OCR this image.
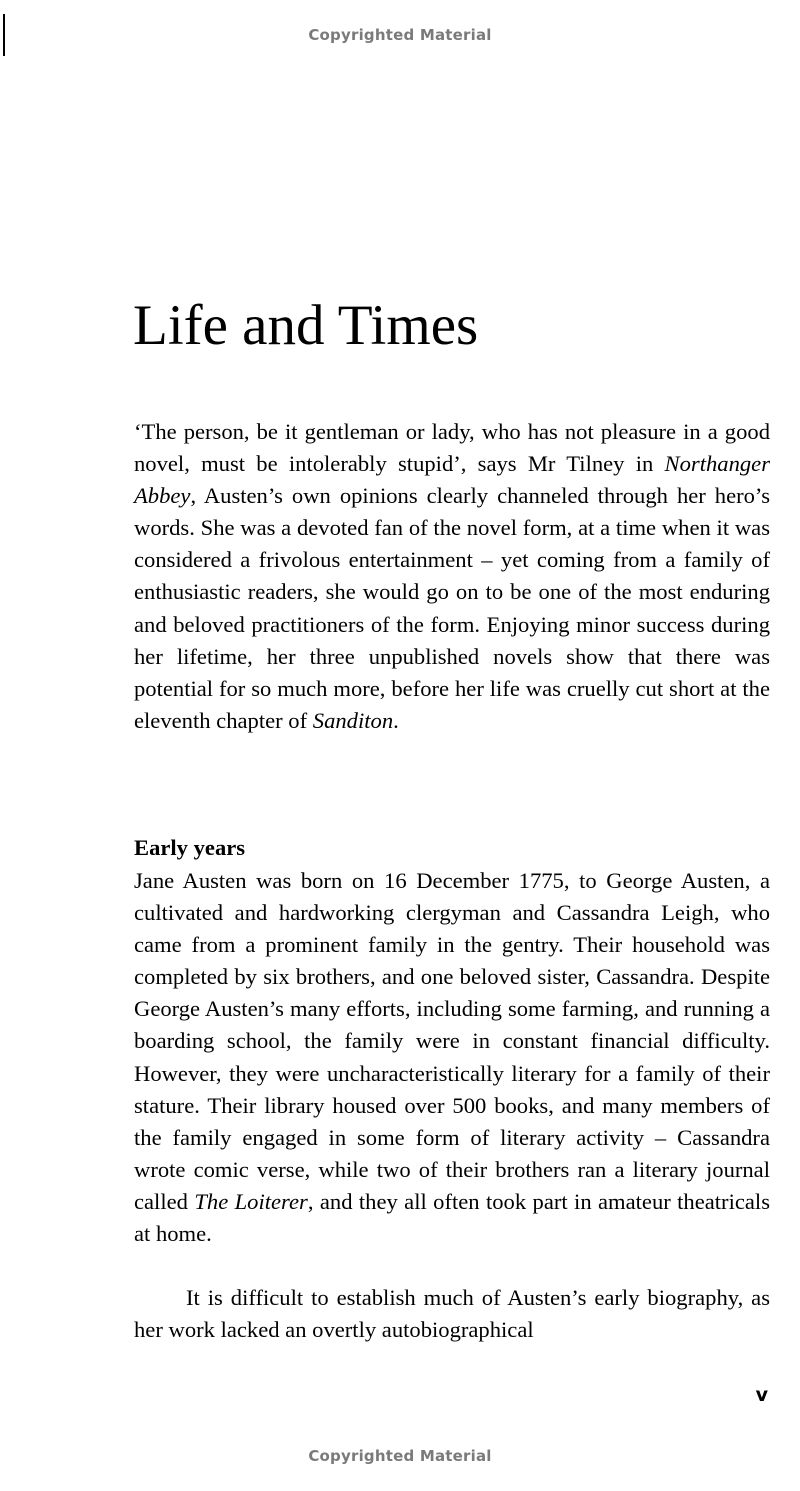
Copyrighted Material
Life and Times

‘The person, be it gentleman or lady, who has not pleasure in a good novel, must be intolerably stupid’, says Mr Tilney in Northanger Abbey, Austen’s own opinions clearly channeled through her hero’s words. She was a devoted fan of the novel form, at a time when it was considered a frivolous entertainment – yet coming from a family of enthusiastic readers, she would go on to be one of the most enduring and beloved practitioners of the form. Enjoying minor success during her lifetime, her three unpublished novels show that there was potential for so much more, before her life was cruelly cut short at the eleventh chapter of Sanditon.

Early years

Jane Austen was born on 16 December 1775, to George Austen, a cultivated and hardworking clergyman and Cassandra Leigh, who came from a prominent family in the gentry. Their household was completed by six brothers, and one beloved sister, Cassandra. Despite George Austen’s many efforts, including some farming, and running a boarding school, the family were in constant financial difficulty. However, they were uncharacteristically literary for a family of their stature. Their library housed over 500 books, and many members of the family engaged in some form of literary activity – Cassandra wrote comic verse, while two of their brothers ran a literary journal called The Loiterer, and they all often took part in amateur theatricals at home.

It is difficult to establish much of Austen’s early biography, as her work lacked an overtly autobiographical

v
Copyrighted Material
